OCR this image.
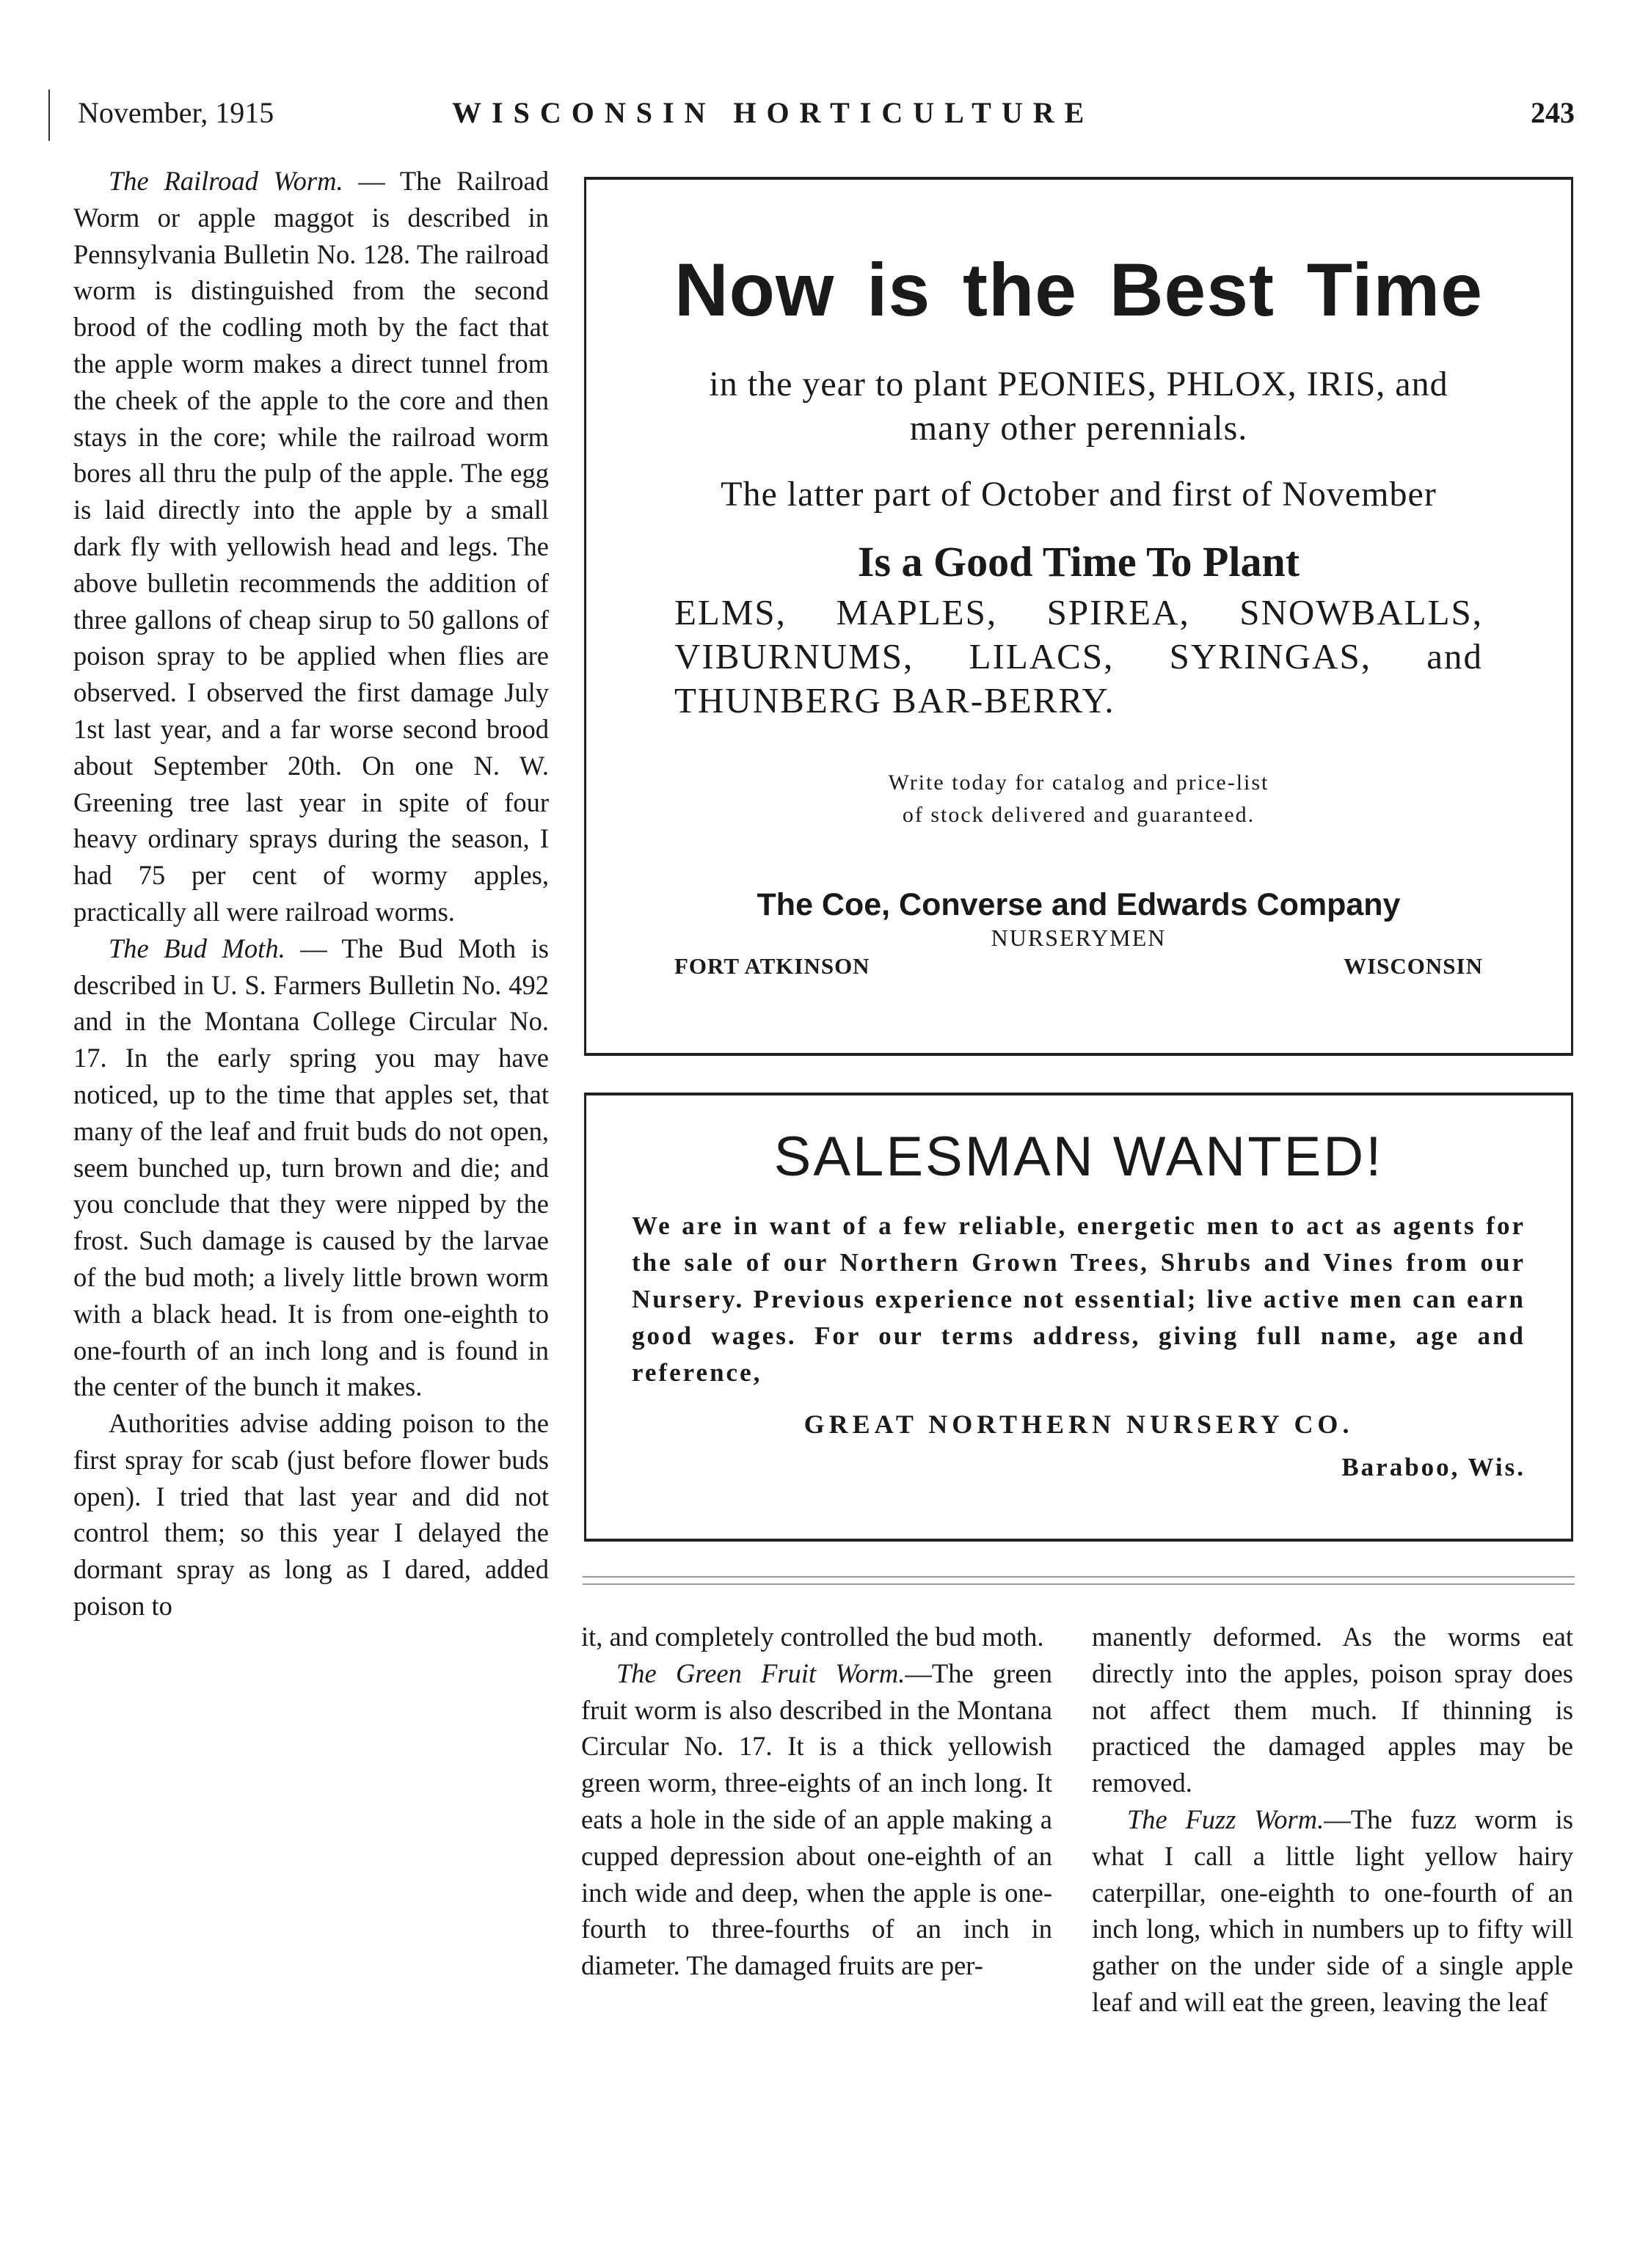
November, 1915	WISCONSIN HORTICULTURE	243

The Railroad Worm. — The Railroad Worm or apple maggot is described in Pennsylvania Bulletin No. 128. The railroad worm is distinguished from the second brood of the codling moth by the fact that the apple worm makes a direct tunnel from the cheek of the apple to the core and then stays in the core; while the railroad worm bores all thru the pulp of the apple. The egg is laid directly into the apple by a small dark fly with yellowish head and legs. The above bulletin recommends the addition of three gallons of cheap sirup to 50 gallons of poison spray to be applied when flies are observed. I observed the first damage July 1st last year, and a far worse second brood about September 20th. On one N. W. Greening tree last year in spite of four heavy ordinary sprays during the season, I had 75 per cent of wormy apples, practically all were railroad worms.

The Bud Moth. — The Bud Moth is described in U. S. Farmers Bulletin No. 492 and in the Montana College Circular No. 17. In the early spring you may have noticed, up to the time that apples set, that many of the leaf and fruit buds do not open, seem bunched up, turn brown and die; and you conclude that they were nipped by the frost. Such damage is caused by the larvae of the bud moth; a lively little brown worm with a black head. It is from one-eighth to one-fourth of an inch long and is found in the center of the bunch it makes.

Authorities advise adding poison to the first spray for scab (just before flower buds open). I tried that last year and did not control them; so this year I delayed the dormant spray as long as I dared, added poison to

Now is the Best Time
in the year to plant PEONIES, PHLOX, IRIS, and many other perennials.
The latter part of October and first of November
Is a Good Time To Plant
ELMS, MAPLES, SPIREA, SNOWBALLS, VIBURNUMS, LILACS, SYRINGAS, and THUNBERG BAR-BERRY.
Write today for catalog and price-list
of stock delivered and guaranteed.
The Coe, Converse and Edwards Company
NURSERYMEN
FORT ATKINSON	WISCONSIN
SALESMAN WANTED!
We are in want of a few reliable, energetic men to act as agents for the sale of our Northern Grown Trees, Shrubs and Vines from our Nursery. Previous experience not essential; live active men can earn good wages. For our terms address, giving full name, age and reference,
GREAT NORTHERN NURSERY CO.
Baraboo, Wis.

it, and completely controlled the bud moth.

The Green Fruit Worm.—The green fruit worm is also described in the Montana Circular No. 17. It is a thick yellowish green worm, three-eights of an inch long. It eats a hole in the side of an apple making a cupped depression about one-eighth of an inch wide and deep, when the apple is one-fourth to three-fourths of an inch in diameter. The damaged fruits are per-

manently deformed. As the worms eat directly into the apples, poison spray does not affect them much. If thinning is practiced the damaged apples may be removed.

The Fuzz Worm.—The fuzz worm is what I call a little light yellow hairy caterpillar, one-eighth to one-fourth of an inch long, which in numbers up to fifty will gather on the under side of a single apple leaf and will eat the green, leaving the leaf
